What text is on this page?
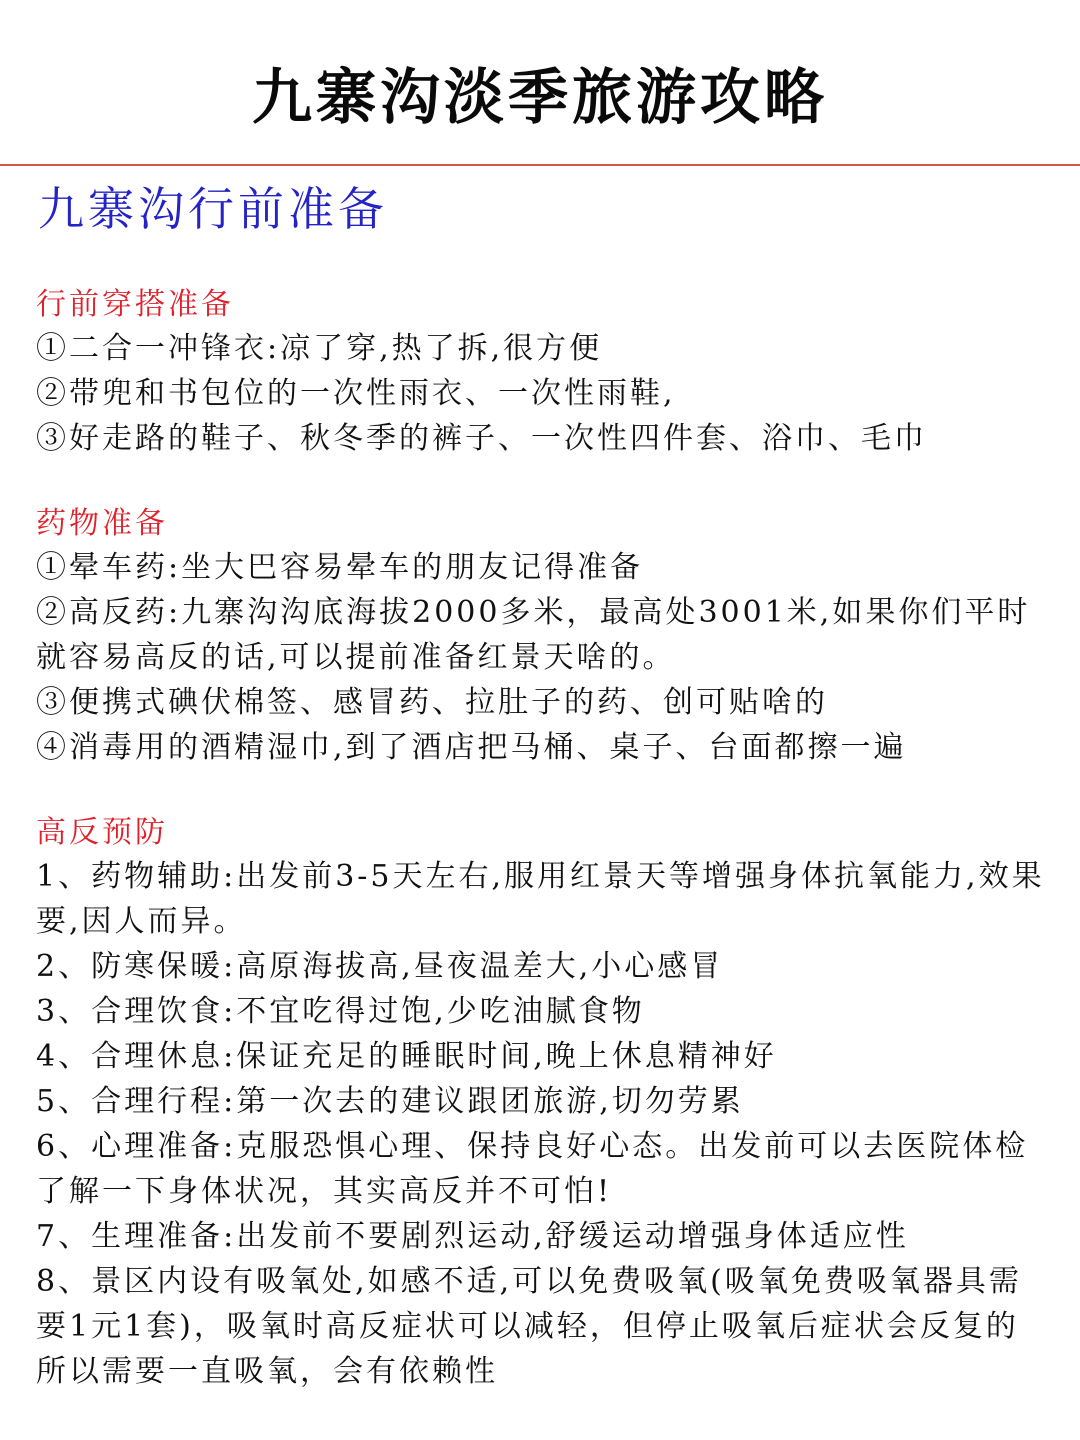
九寨沟淡季旅游攻略
九寨沟行前准备
行前穿搭准备
①二合一冲锋衣:凉了穿,热了拆,很方便
②带兜和书包位的一次性雨衣、一次性雨鞋,
③好走路的鞋子、秋冬季的裤子、一次性四件套、浴巾、毛巾
药物准备
①晕车药:坐大巴容易晕车的朋友记得准备
②高反药:九寨沟沟底海拔2000多米，最高处3001米,如果你们平时就容易高反的话,可以提前准备红景天啥的。
③便携式碘伏棉签、感冒药、拉肚子的药、创可贴啥的
④消毒用的酒精湿巾,到了酒店把马桶、桌子、台面都擦一遍
高反预防
1、药物辅助:出发前3-5天左右,服用红景天等增强身体抗氧能力,效果要,因人而异。
2、防寒保暖:高原海拔高,昼夜温差大,小心感冒
3、合理饮食:不宜吃得过饱,少吃油腻食物
4、合理休息:保证充足的睡眠时间,晚上休息精神好
5、合理行程:第一次去的建议跟团旅游,切勿劳累
6、心理准备:克服恐惧心理、保持良好心态。出发前可以去医院体检了解一下身体状况，其实高反并不可怕!
7、生理准备:出发前不要剧烈运动,舒缓运动增强身体适应性
8、景区内设有吸氧处,如感不适,可以免费吸氧(吸氧免费吸氧器具需要1元1套)，吸氧时高反症状可以减轻，但停止吸氧后症状会反复的所以需要一直吸氧，会有依赖性
